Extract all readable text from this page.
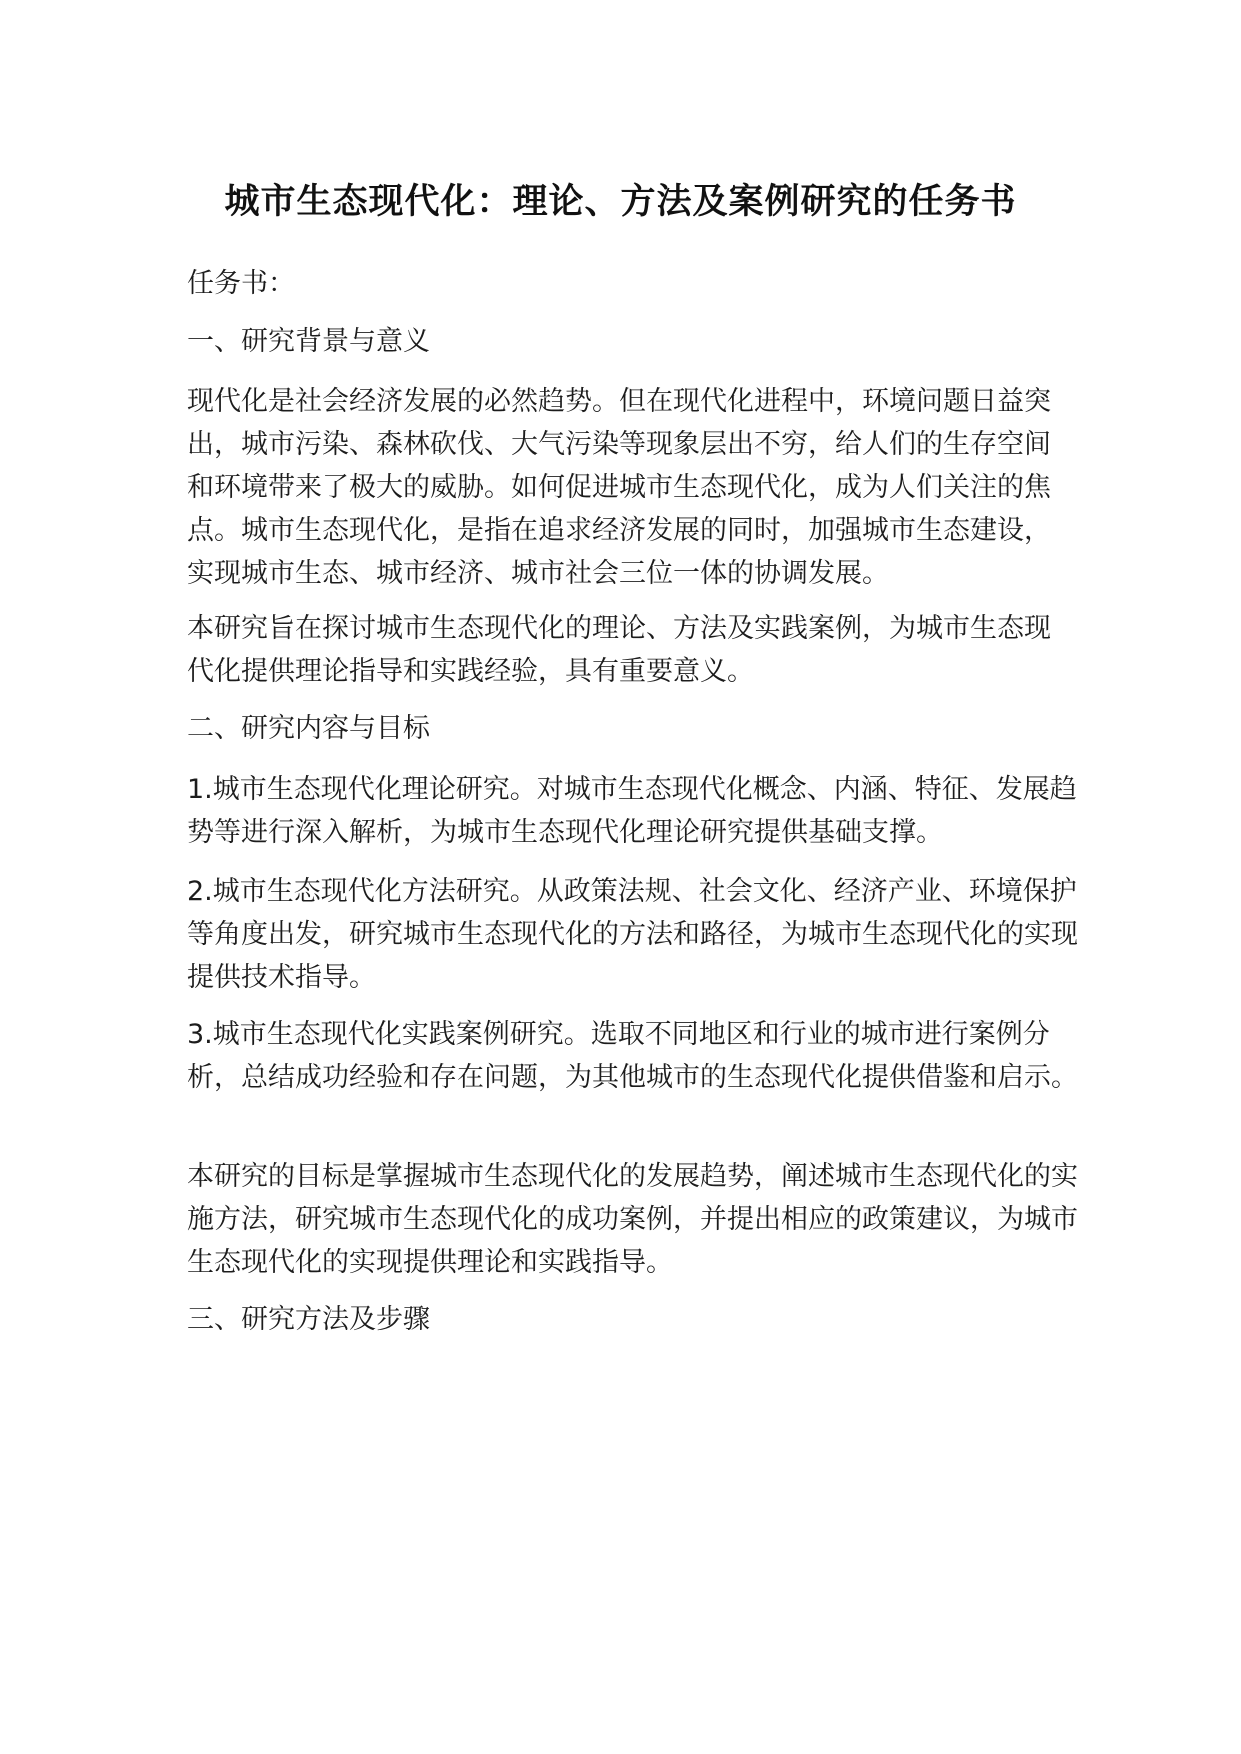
城市生态现代化：理论、方法及案例研究的任务书

任务书：

一、研究背景与意义

现代化是社会经济发展的必然趋势。但在现代化进程中，环境问题日益突出，城市污染、森林砍伐、大气污染等现象层出不穷，给人们的生存空间和环境带来了极大的威胁。如何促进城市生态现代化，成为人们关注的焦点。城市生态现代化，是指在追求经济发展的同时，加强城市生态建设，实现城市生态、城市经济、城市社会三位一体的协调发展。

本研究旨在探讨城市生态现代化的理论、方法及实践案例，为城市生态现代化提供理论指导和实践经验，具有重要意义。

二、研究内容与目标

1.城市生态现代化理论研究。对城市生态现代化概念、内涵、特征、发展趋势等进行深入解析，为城市生态现代化理论研究提供基础支撑。

2.城市生态现代化方法研究。从政策法规、社会文化、经济产业、环境保护等角度出发，研究城市生态现代化的方法和路径，为城市生态现代化的实现提供技术指导。

3.城市生态现代化实践案例研究。选取不同地区和行业的城市进行案例分析，总结成功经验和存在问题，为其他城市的生态现代化提供借鉴和启示。

本研究的目标是掌握城市生态现代化的发展趋势，阐述城市生态现代化的实施方法，研究城市生态现代化的成功案例，并提出相应的政策建议，为城市生态现代化的实现提供理论和实践指导。

三、研究方法及步骤
